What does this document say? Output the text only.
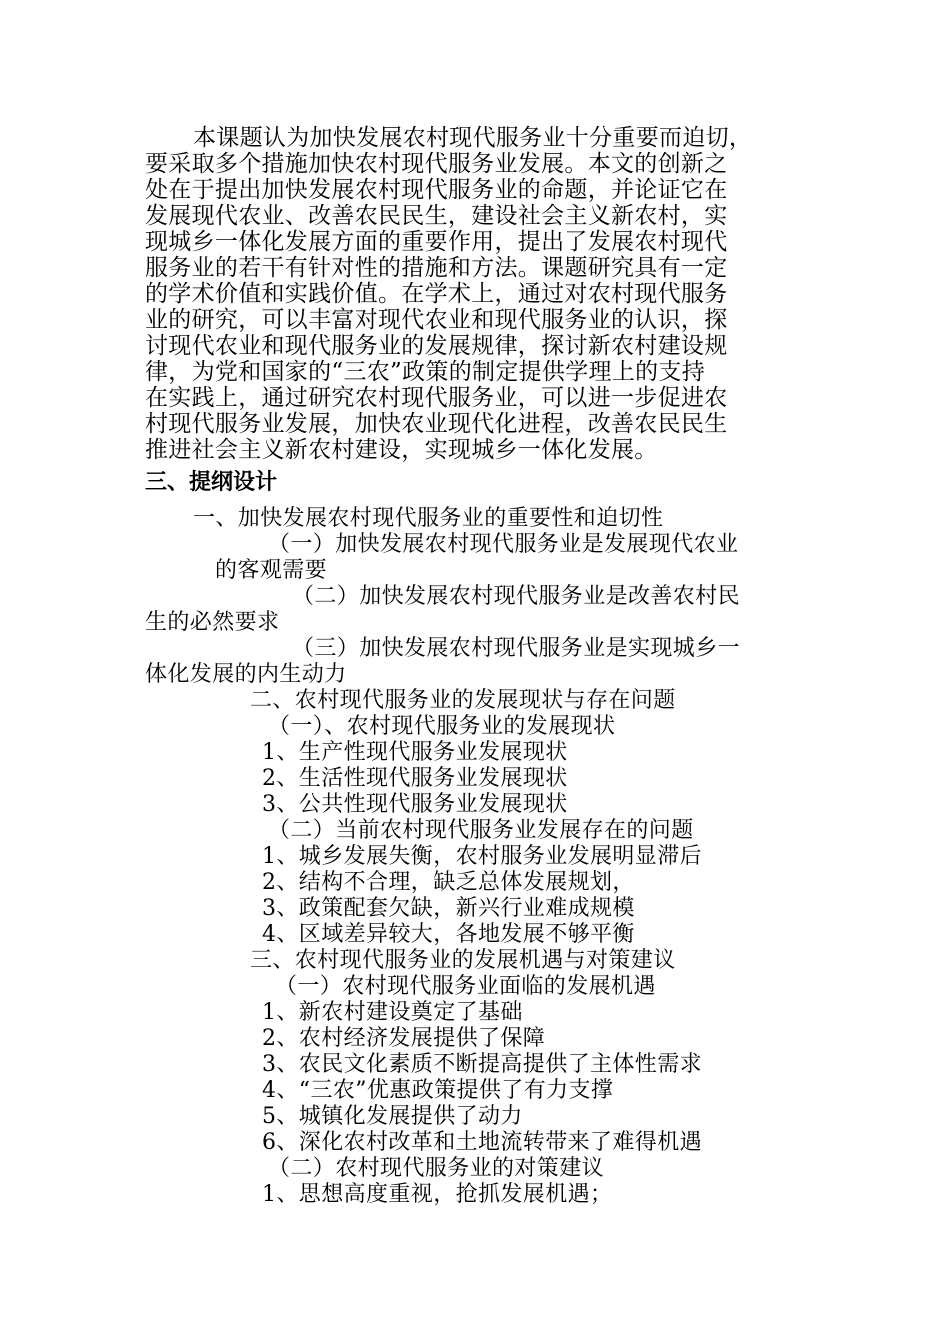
本课题认为加快发展农村现代服务业十分重要而迫切，
要采取多个措施加快农村现代服务业发展。本文的创新之
处在于提出加快发展农村现代服务业的命题，并论证它在
发展现代农业、改善农民民生，建设社会主义新农村，实
现城乡一体化发展方面的重要作用，提出了发展农村现代
服务业的若干有针对性的措施和方法。课题研究具有一定
的学术价值和实践价值。在学术上，通过对农村现代服务
业的研究，可以丰富对现代农业和现代服务业的认识，探
讨现代农业和现代服务业的发展规律，探讨新农村建设规
律，为党和国家的“三农”政策的制定提供学理上的支持
在实践上，通过研究农村现代服务业，可以进一步促进农
村现代服务业发展，加快农业现代化进程，改善农民民生
推进社会主义新农村建设，实现城乡一体化发展。
三、提纲设计
一、加快发展农村现代服务业的重要性和迫切性
（一）加快发展农村现代服务业是发展现代农业
的客观需要
（二）加快发展农村现代服务业是改善农村民
生的必然要求
（三）加快发展农村现代服务业是实现城乡一
体化发展的内生动力
二、农村现代服务业的发展现状与存在问题
（一）、农村现代服务业的发展现状
1、生产性现代服务业发展现状
2、生活性现代服务业发展现状
3、公共性现代服务业发展现状
（二）当前农村现代服务业发展存在的问题
1、城乡发展失衡，农村服务业发展明显滞后
2、结构不合理，缺乏总体发展规划，
3、政策配套欠缺，新兴行业难成规模
4、区域差异较大，各地发展不够平衡
三、农村现代服务业的发展机遇与对策建议
（一）农村现代服务业面临的发展机遇
1、新农村建设奠定了基础
2、农村经济发展提供了保障
3、农民文化素质不断提高提供了主体性需求
4、“三农”优惠政策提供了有力支撑
5、城镇化发展提供了动力
6、深化农村改革和土地流转带来了难得机遇
（二）农村现代服务业的对策建议
1、思想高度重视，抢抓发展机遇；
